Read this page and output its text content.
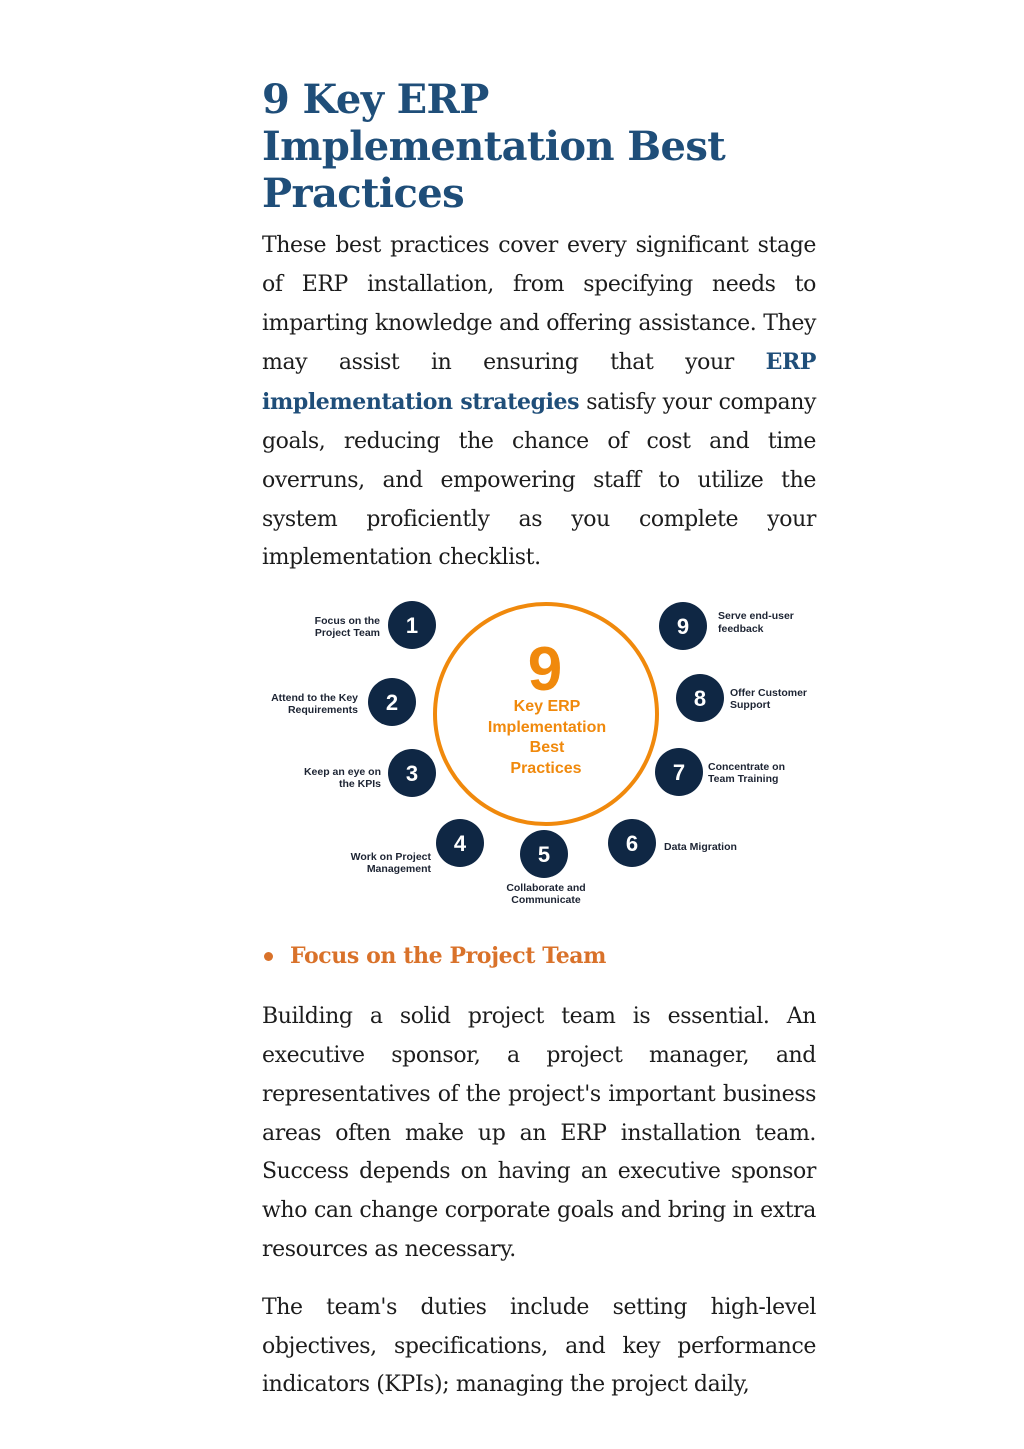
9 Key ERP Implementation Best Practices

These best practices cover every significant stage of ERP installation, from specifying needs to imparting knowledge and offering assistance. They may assist in ensuring that your ERP implementation strategies satisfy your company goals, reducing the chance of cost and time overruns, and empowering staff to utilize the system proficiently as you complete your implementation checklist.

9
Key ERP
Implementation
Best
Practices
1
Focus on the
Project Team
2
Attend to the Key
Requirements
3
Keep an eye on
the KPIs
4
Work on Project
Management
5
Collaborate and
Communicate
6 Data Migration
7 Concentrate on
Team Training
8 Offer Customer
Support
9	Serve end-user
feedback
Focus on the Project Team

Building a solid project team is essential. An executive sponsor, a project manager, and representatives of the project's important business areas often make up an ERP installation team. Success depends on having an executive sponsor who can change corporate goals and bring in extra resources as necessary.

The team's duties include setting high-level objectives, specifications, and key performance indicators (KPIs); managing the project daily,
